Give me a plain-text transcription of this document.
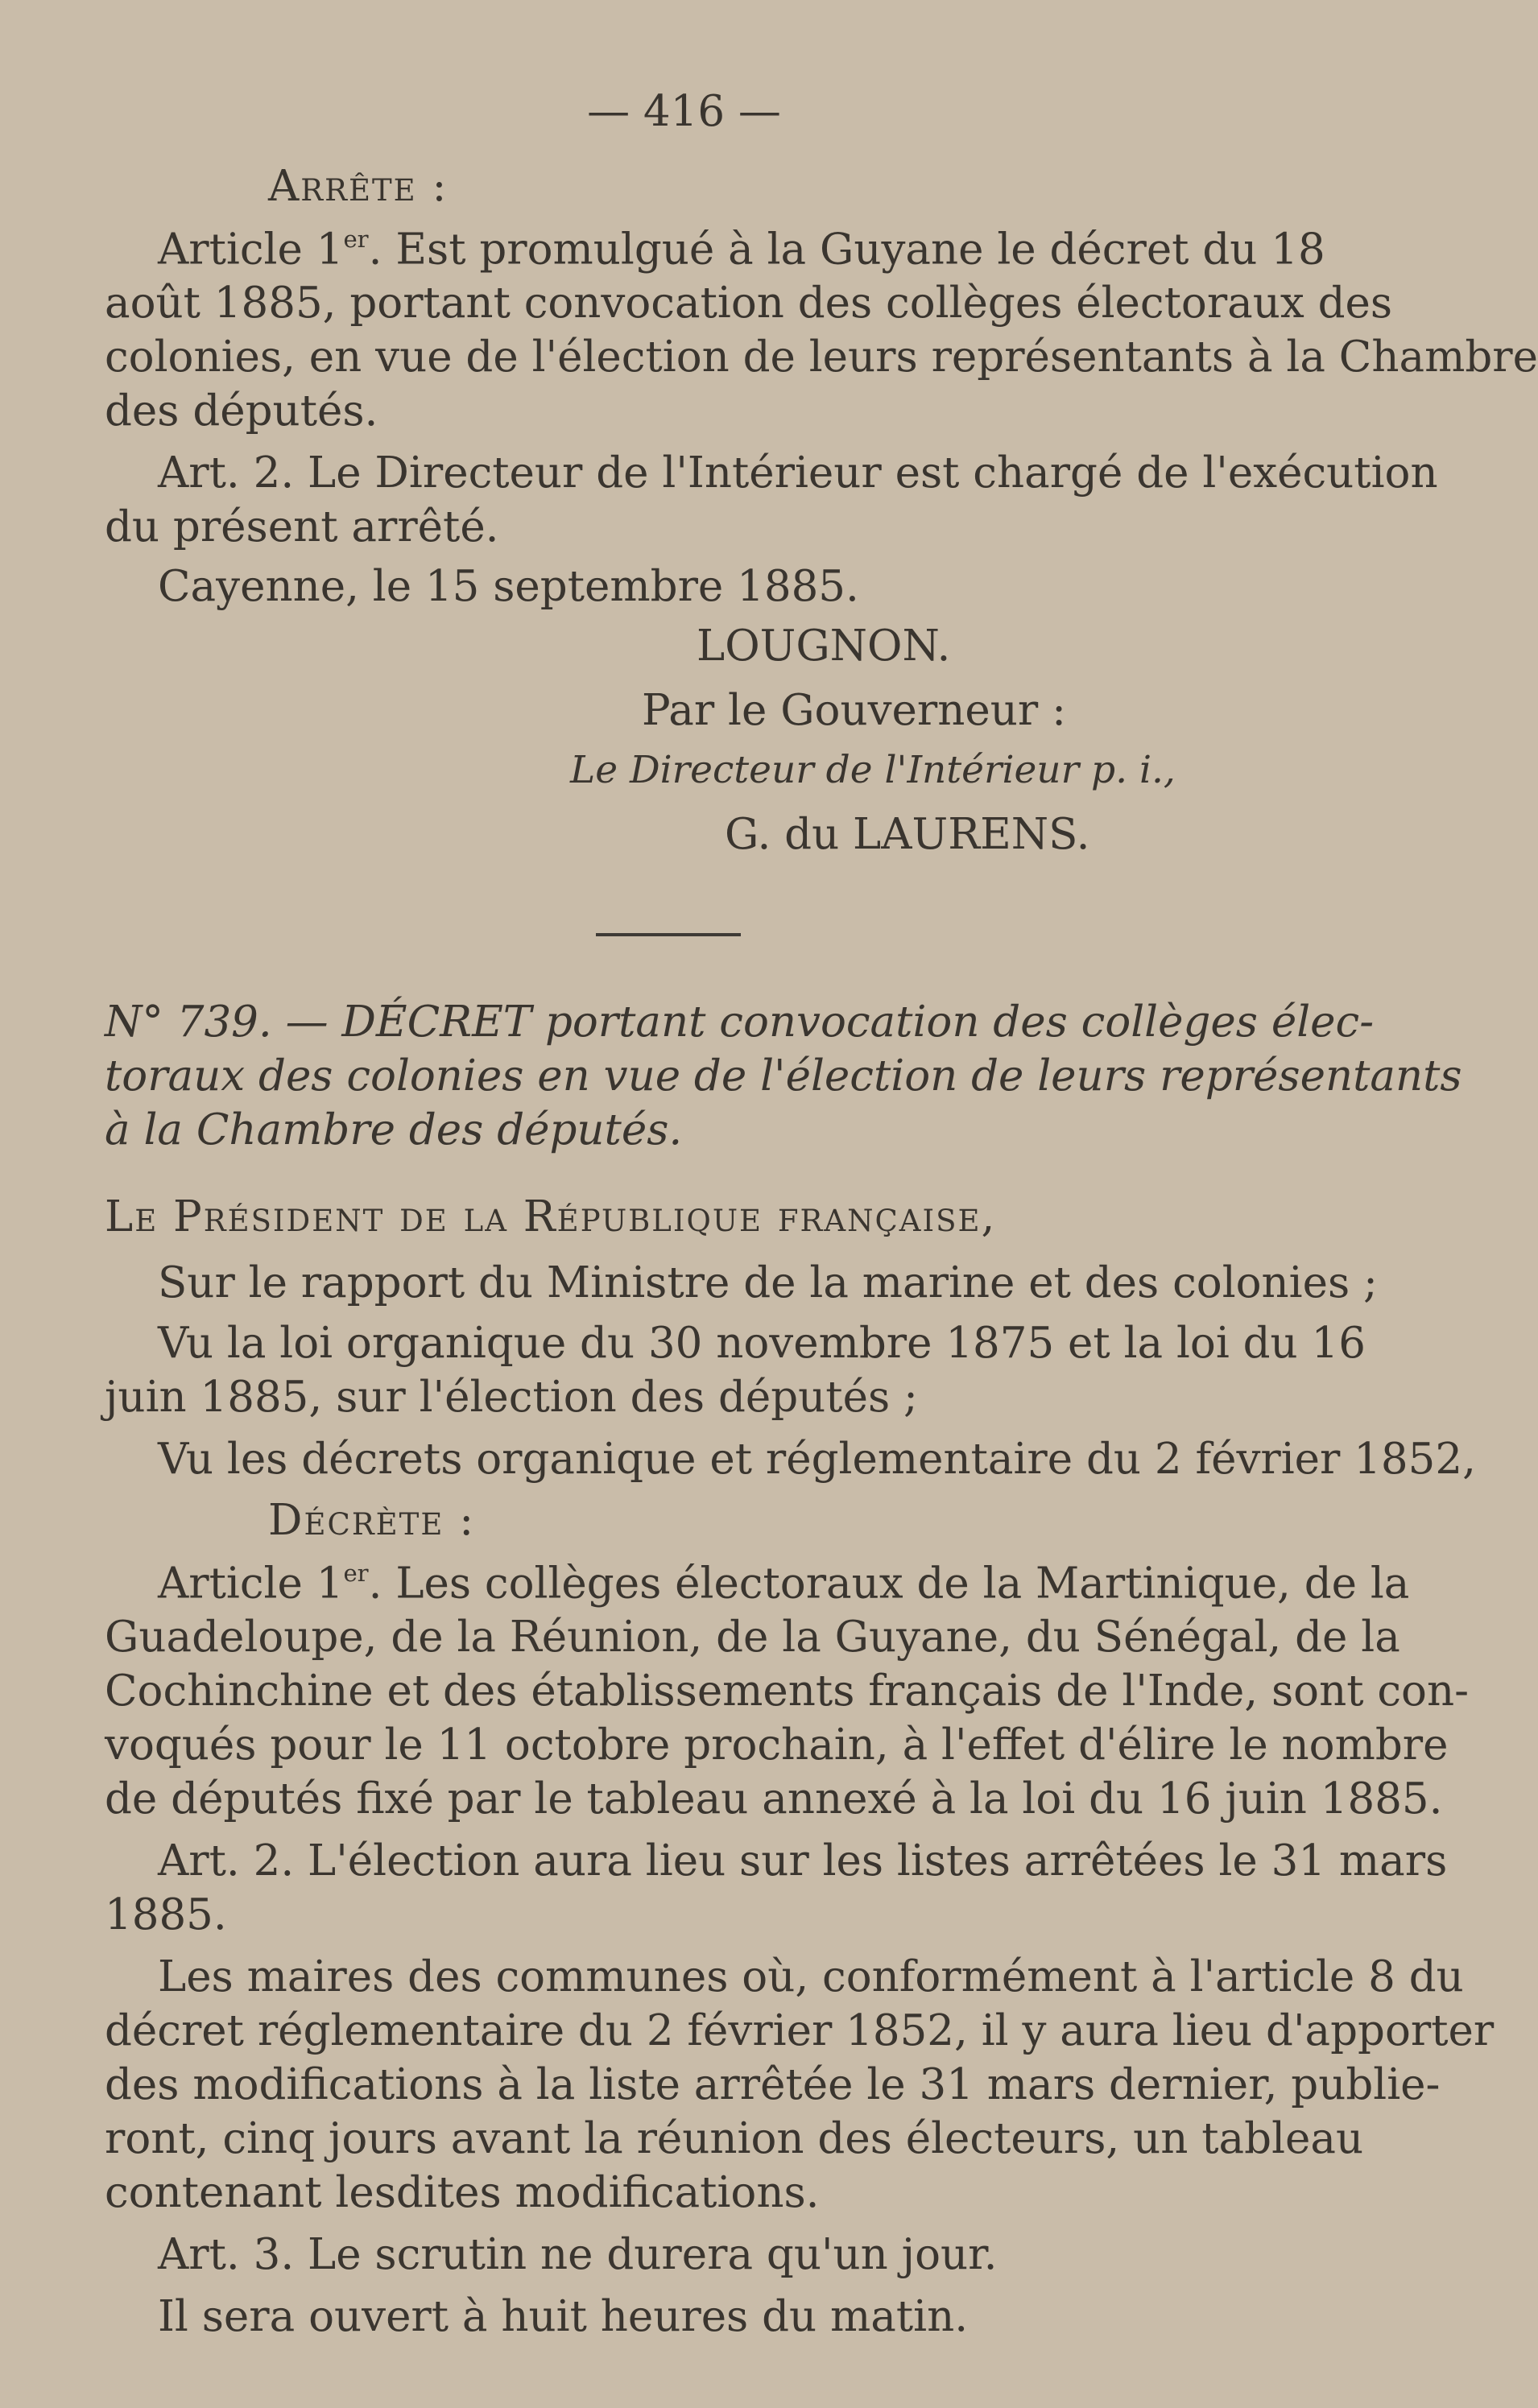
— 416 —
Arrête :
Article 1er. Est promulgué à la Guyane le décret du 18
août 1885, portant convocation des collèges électoraux des
colonies, en vue de l'élection de leurs représentants à la Chambre
des députés.
Art. 2. Le Directeur de l'Intérieur est chargé de l'exécution
du présent arrêté.
Cayenne, le 15 septembre 1885.
LOUGNON.
Par le Gouverneur :
Le Directeur de l'Intérieur p. i.,
G. du LAURENS.
N° 739. — DÉCRET portant convocation des collèges élec-
toraux des colonies en vue de l'élection de leurs représentants
à la Chambre des députés.
Le Président de la République française,
Sur le rapport du Ministre de la marine et des colonies ;
Vu la loi organique du 30 novembre 1875 et la loi du 16
juin 1885, sur l'élection des députés ;
Vu les décrets organique et réglementaire du 2 février 1852,
Décrète :
Article 1er. Les collèges électoraux de la Martinique, de la
Guadeloupe, de la Réunion, de la Guyane, du Sénégal, de la
Cochinchine et des établissements français de l'Inde, sont con-
voqués pour le 11 octobre prochain, à l'effet d'élire le nombre
de députés fixé par le tableau annexé à la loi du 16 juin 1885.
Art. 2. L'élection aura lieu sur les listes arrêtées le 31 mars
1885.
Les maires des communes où, conformément à l'article 8 du
décret réglementaire du 2 février 1852, il y aura lieu d'apporter
des modifications à la liste arrêtée le 31 mars dernier, publie-
ront, cinq jours avant la réunion des électeurs, un tableau
contenant lesdites modifications.
Art. 3. Le scrutin ne durera qu'un jour.
Il sera ouvert à huit heures du matin.
